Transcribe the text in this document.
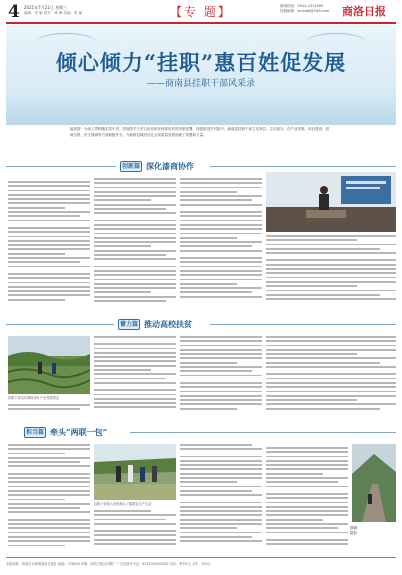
4 2021年7月21日 星期三
编辑：刘 敏 校对：徐 峰 美编：张 斌	【专 题】	新闻热线：0914-2312999
投稿邮箱：slrbzbb@163.com 商洛日报
倾心倾力“挂职”惠百姓促发展
——商南县挂职干部风采录
编者按：为深入贯彻落实党中央、国务院关于对口协作和东西部协作的决策部署，持续推进乡村振兴，商南县挂职干部立足岗位、主动担当，在产业发展、项目建设、招商引资、民生保障等方面积极作为，为助推县域经济社会高质量发展贡献了智慧和力量。
创新篇 深化漆商协作
蓄力篇 推动高校扶贫
挂职干部走访调研茶叶产业发展情况
担当篇 牵头“两联一包”
挂职干部深入田间地头了解群众生产生活
撰稿：
摄影：
本报地址：商洛市北新街商洛日报社 邮编：726000 印刷：商洛日报社印刷厂 广告经营许可证：6125004000002 定价：每份1元 全年：300元
